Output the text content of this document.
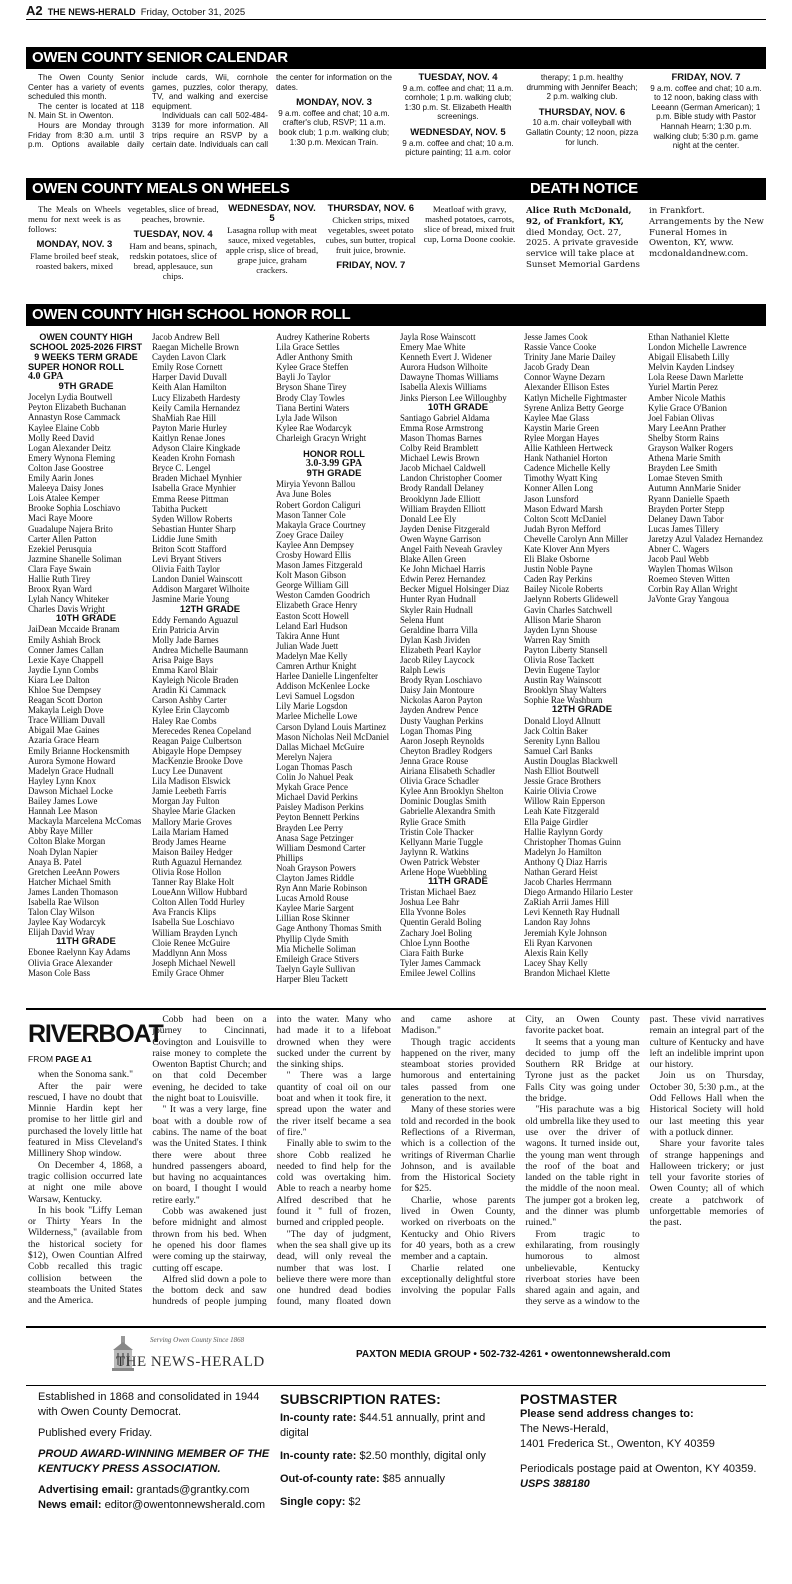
A2 THE NEWS-HERALD Friday, October 31, 2025
OWEN COUNTY SENIOR CALENDAR

The Owen County Senior Center has a variety of events scheduled this month.

The center is located at 118 N. Main St. in Owenton.

Hours are Monday through Friday from 8:30 a.m. until 3 p.m. Options available daily include cards, Wii, cornhole games, puzzles, color therapy, TV, and walking and exercise equipment.

Individuals can call 502-484-3139 for more information. All trips require an RSVP by a certain date. Individuals can call the center for information on the dates.

MONDAY, NOV. 3
9 a.m. coffee and chat; 10 a.m. crafter's club, RSVP; 11 a.m. book club; 1 p.m. walking club; 1:30 p.m. Mexican Train.
TUESDAY, NOV. 4
9 a.m. coffee and chat; 11 a.m. cornhole; 1 p.m. walking club; 1:30 p.m. St. Elizabeth Health screenings.
WEDNESDAY, NOV. 5
9 a.m. coffee and chat; 10 a.m. picture painting; 11 a.m. color therapy; 1 p.m. healthy drumming with Jennifer Beach; 2 p.m. walking club.
THURSDAY, NOV. 6
10 a.m. chair volleyball with Gallatin County; 12 noon, pizza for lunch.
FRIDAY, NOV. 7
9 a.m. coffee and chat; 10 a.m. to 12 noon, baking class with Leeann (German American); 1 p.m. Bible study with Pastor Hannah Hearn; 1:30 p.m. walking club; 5:30 p.m. game night at the center.
OWEN COUNTY MEALS ON WHEELS

The Meals on Wheels menu for next week is as follows:

MONDAY, NOV. 3
Flame broiled beef steak, roasted bakers, mixed vegetables, slice of bread, peaches, brownie.
TUESDAY, NOV. 4
Ham and beans, spinach, redskin potatoes, slice of bread, applesauce, sun chips.
WEDNESDAY, NOV. 5
Lasagna rollup with meat sauce, mixed vegetables, apple crisp, slice of bread, grape juice, graham crackers.
THURSDAY, NOV. 6
Chicken strips, mixed vegetables, sweet potato cubes, sun butter, tropical fruit juice, brownie.
FRIDAY, NOV. 7
Meatloaf with gravy, mashed potatoes, carrots, slice of bread, mixed fruit cup, Lorna Doone cookie.
DEATH NOTICE
Alice Ruth McDonald, 92, of Frankfort, KY, died Monday, Oct. 27, 2025. A private graveside service will take place at Sunset Memorial Gardens in Frankfort. Arrangements by the New Funeral Homes in Owenton, KY, www. mcdonaldandnew.com.
OWEN COUNTY HIGH SCHOOL HONOR ROLL
OWEN COUNTY HIGH SCHOOL 2025-2026 FIRST 9 WEEKS TERM GRADE
SUPER HONOR ROLL
4.0 GPA
9TH GRADE
Jocelyn Lydia Boutwell
Peyton Elizabeth Buchanan
Annastyn Rose Cammack
Kaylee Elaine Cobb
Molly Reed David
Logan Alexander Deitz
Emery Wynona Fleming
Colton Jase Goostree
Emily Aarin Jones
Maleeya Daisy Jones
Lois Atalee Kemper
Brooke Sophia Loschiavo
Maci Raye Moore
Guadalupe Najera Brito
Carter Allen Patton
Ezekiel Perusquia
Jazmine Shanelle Soliman
Clara Faye Swain
Hallie Ruth Tirey
Broox Ryan Ward
Lylah Nancy Whiteker
Charles Davis Wright
10TH GRADE
JaiDean Mccaide Branam
Emily Ashiah Brock
Conner James Callan
Lexie Kaye Chappell
Jaydie Lynn Combs
Kiara Lee Dalton
Khloe Sue Dempsey
Reagan Scott Dorton
Makayla Leigh Dove
Trace William Duvall
Abigail Mae Gaines
Azaria Grace Hearn
Emily Brianne Hockensmith
Aurora Symone Howard
Madelyn Grace Hudnall
Hayley Lynn Knox
Dawson Michael Locke
Bailey James Lowe
Hannah Lee Mason
Mackayla Marcelena McComas
Abby Raye Miller
Colton Blake Morgan
Noah Dylan Napier
Anaya B. Patel
Gretchen LeeAnn Powers
Hatcher Michael Smith
James Landen Thomason
Isabella Rae Wilson
Talon Clay Wilson
Jaylee Kay Wodarcyk
Elijah David Wray
11TH GRADE
Ebonee Raelynn Kay Adams
Olivia Grace Alexander
Mason Cole Bass
Jacob Andrew Bell
Raegan Michelle Brown
Cayden Lavon Clark
Emily Rose Cornett
Harper David Duvall
Keith Alan Hamilton
Lucy Elizabeth Hardesty
Keily Camila Hernandez
ShaMiah Rae Hill
Payton Marie Hurley
Kaitlyn Renae Jones
Adyson Claire Kingkade
Keaden Krohn Fornash
Bryce C. Lengel
Braden Michael Mynhier
Isabella Grace Mynhier
Emma Reese Pittman
Tabitha Puckett
Syden Willow Roberts
Sebastian Hunter Sharp
Liddie June Smith
Briton Scott Stafford
Levi Bryant Stivers
Olivia Faith Taylor
Landon Daniel Wainscott
Addison Margaret Wilhoite
Jasmine Marie Young
12TH GRADE
Eddy Fernando Aguazul
Erin Patricia Arvin
Molly Jade Barnes
Andrea Michelle Baumann
Arisa Paige Bays
Emma Karol Blair
Kayleigh Nicole Braden
Aradin Ki Cammack
Carson Ashby Carter
Kylee Erin Claycomb
Haley Rae Combs
Merecedes Renea Copeland
Reagan Paige Culbertson
Abigayle Hope Dempsey
MacKenzie Brooke Dove
Lucy Lee Dunavent
Lila Madison Elswick
Jamie Leebeth Farris
Morgan Jay Fulton
Shaylee Marie Glacken
Mallory Marie Groves
Laila Mariam Hamed
Brody James Hearne
Maison Bailey Hedger
Ruth Aguazul Hernandez
Olivia Rose Hollon
Tanner Ray Blake Holt
LoueAnn Willow Hubbard
Colton Allen Todd Hurley
Ava Francis Klips
Isabella Sue Loschiavo
William Brayden Lynch
Cloie Renee McGuire
Maddlynn Ann Moss
Joseph Michael Newell
Emily Grace Ohmer
Audrey Katherine Roberts
Lila Grace Settles
Adler Anthony Smith
Kylee Grace Steffen
Bayli Jo Taylor
Bryson Shane Tirey
Brody Clay Towles
Tiana Bertini Waters
Lyla Jade Wilson
Kylee Rae Wodarcyk
Charleigh Gracyn Wright
HONOR ROLL
3.0-3.99 GPA
9TH GRADE
Miryia Yevonn Ballou
Ava June Boles
Robert Gordon Caliguri
Mason Tanner Cole
Makayla Grace Courtney
Zoey Grace Dailey
Kaylee Ann Dempsey
Crosby Howard Ellis
Mason James Fitzgerald
Kolt Mason Gibson
George William Gill
Weston Camden Goodrich
Elizabeth Grace Henry
Easton Scott Howell
Leland Earl Hudson
Takira Anne Hunt
Julian Wade Juett
Madelyn Mae Kelly
Camren Arthur Knight
Harlee Danielle Lingenfelter
Addison McKenlee Locke
Levi Samuel Logsdon
Lily Marie Logsdon
Marlee Michelle Lowe
Carson Dyland Louis Martinez
Mason Nicholas Neil McDaniel
Dallas Michael McGuire
Merelyn Najera
Logan Thomas Pasch
Colin Jo Nahuel Peak
Mykah Grace Pence
Michael David Perkins
Paisley Madison Perkins
Peyton Bennett Perkins
Brayden Lee Perry
Anasa Sage Petzinger
William Desmond Carter Phillips
Noah Grayson Powers
Clayton James Riddle
Ryn Ann Marie Robinson
Lucas Arnold Rouse
Kaylee Marie Sargent
Lillian Rose Skinner
Gage Anthony Thomas Smith
Phyllip Clyde Smith
Mia Michelle Soliman
Emileigh Grace Stivers
Taelyn Gayle Sullivan
Harper Bleu Tackett
Jayla Rose Wainscott
Emery Mae White
Kenneth Evert J. Widener
Aurora Hudson Wilhoite
Dawayne Thomas Williams
Isabella Alexis Williams
Jinks Pierson Lee Willoughby
10TH GRADE
Santiago Gabriel Aldama
Emma Rose Armstrong
Mason Thomas Barnes
Colby Reid Bramblett
Michael Lewis Brown
Jacob Michael Caldwell
Landon Christopher Coomer
Brody Randall Delaney
Brooklynn Jade Elliott
William Brayden Elliott
Donald Lee Ely
Jayden Denise Fitzgerald
Owen Wayne Garrison
Angel Faith Neveah Gravley
Blake Allen Green
Ke John Michael Harris
Edwin Perez Hernandez
Becker Miguel Holsinger Diaz
Hunter Ryan Hudnall
Skyler Rain Hudnall
Selena Hunt
Geraldine Ibarra Villa
Dylan Kash Jividen
Elizabeth Pearl Kaylor
Jacob Riley Laycock
Ralph Lewis
Brody Ryan Loschiavo
Daisy Jain Montoure
Nickolas Aaron Payton
Jayden Andrew Pence
Dusty Vaughan Perkins
Logan Thomas Ping
Aaron Joseph Reynolds
Cheyton Bradley Rodgers
Jenna Grace Rouse
Airiana Elisabeth Schadler
Olivia Grace Schadler
Kylee Ann Brooklyn Shelton
Dominic Douglas Smith
Gabrielle Alexandra Smith
Rylie Grace Smith
Tristin Cole Thacker
Kellyann Marie Tuggle
Jaylynn R. Watkins
Owen Patrick Webster
Arlene Hope Wuebbling
11TH GRADE
Tristan Michael Baez
Joshua Lee Bahr
Ella Yvonne Boles
Quentin Gerald Boling
Zachary Joel Boling
Chloe Lynn Boothe
Ciara Faith Burke
Tyler James Cammack
Emilee Jewel Collins
Jesse James Cook
Rassie Vance Cooke
Trinity Jane Marie Dailey
Jacob Grady Dean
Connor Wayne Dezarn
Alexander Ellison Estes
Katlyn Michelle Fightmaster
Syrene Anliza Betty George
Kaylee Mae Glass
Kaystin Marie Green
Rylee Morgan Hayes
Allie Kathleen Hertweck
Hank Nathaniel Horton
Cadence Michelle Kelly
Timothy Wyatt King
Konner Allen Long
Jason Lunsford
Mason Edward Marsh
Colton Scott McDaniel
Judah Byron Mefford
Chevelle Carolyn Ann Miller
Kate Klover Ann Myers
Eli Blake Osborne
Justin Noble Payne
Caden Ray Perkins
Bailey Nicole Roberts
Jaelynn Roberts Glidewell
Gavin Charles Satchwell
Allison Marie Sharon
Jayden Lynn Shouse
Warren Ray Smith
Payton Liberty Stansell
Olivia Rose Tackett
Devin Eugene Taylor
Austin Ray Wainscott
Brooklyn Shay Walters
Sophie Rae Washburn
12TH GRADE
Donald Lloyd Allnutt
Jack Coltin Baker
Serenity Lynn Ballou
Samuel Carl Banks
Austin Douglas Blackwell
Nash Elliot Boutwell
Jessie Grace Brothers
Kairie Olivia Crowe
Willow Rain Epperson
Leah Kate Fitzgerald
Ella Paige Girdler
Hallie Raylynn Gordy
Christopher Thomas Guinn
Madelyn Jo Hamilton
Anthony Q Diaz Harris
Nathan Gerard Heist
Jacob Charles Herrmann
Diego Armando Hilario Lester
ZaRiah Arrii James Hill
Levi Kenneth Ray Hudnall
Landon Ray Johns
Jeremiah Kyle Johnson
Eli Ryan Karvonen
Alexis Rain Kelly
Lacey Shay Kelly
Brandon Michael Klette
Ethan Nathaniel Klette
London Michelle Lawrence
Abigail Elisabeth Lilly
Melvin Kayden Lindsey
Lola Reese Dawn Marlette
Yuriel Martin Perez
Amber Nicole Mathis
Kylie Grace O'Banion
Joel Fabian Olivas
Mary LeeAnn Prather
Shelby Storm Rains
Grayson Walker Rogers
Athena Marie Smith
Brayden Lee Smith
Lomae Steven Smith
Autumn AnnMarie Snider
Ryann Danielle Spaeth
Brayden Porter Stepp
Delaney Dawn Tabor
Lucas James Tillery
Jaretzy Azul Valadez Hernandez
Abner C. Wagers
Jacob Paul Webb
Waylen Thomas Wilson
Roemeo Steven Witten
Corbin Ray Allan Wright
JaVonte Gray Yangoua
RIVERBOAT
FROM PAGE A1

when the Sonoma sank."

After the pair were rescued, I have no doubt that Minnie Hardin kept her promise to her little girl and purchased the lovely little hat featured in Miss Cleveland's Millinery Shop window.

On December 4, 1868, a tragic collision occurred late at night one mile above Warsaw, Kentucky.

In his book "Liffy Leman or Thirty Years In the Wilderness," (available from the historical society for $12), Owen Countian Alfred Cobb recalled this tragic collision between the steamboats the United States and the America.

Cobb had been on a journey to Cincinnati, Covington and Louisville to raise money to complete the Owenton Baptist Church; and on that cold December evening, he decided to take the night boat to Louisville.

" It was a very large, fine boat with a double row of cabins. The name of the boat was the United States. I think there were about three hundred passengers aboard, but having no acquaintances on board, I thought I would retire early."

Cobb was awakened just before midnight and almost thrown from his bed. When he opened his door flames were coming up the stairway, cutting off escape.

Alfred slid down a pole to the bottom deck and saw hundreds of people jumping into the water. Many who had made it to a lifeboat drowned when they were sucked under the current by the sinking ships.

" There was a large quantity of coal oil on our boat and when it took fire, it spread upon the water and the river itself became a sea of fire."

Finally able to swim to the shore Cobb realized he needed to find help for the cold was overtaking him. Able to reach a nearby home Alfred described that he found it " full of frozen, burned and crippled people.

"The day of judgment, when the sea shall give up its dead, will only reveal the number that was lost. I believe there were more than one hundred dead bodies found, many floated down and came ashore at Madison."

Though tragic accidents happened on the river, many steamboat stories provided humorous and entertaining tales passed from one generation to the next.

Many of these stories were told and recorded in the book Reflections of a Riverman, which is a collection of the writings of Riverman Charlie Johnson, and is available from the Historical Society for $25.

Charlie, whose parents lived in Owen County, worked on riverboats on the Kentucky and Ohio Rivers for 40 years, both as a crew member and a captain.

Charlie related one exceptionally delightful store involving the popular Falls City, an Owen County favorite packet boat.

It seems that a young man decided to jump off the Southern RR Bridge at Tyrone just as the packet Falls City was going under the bridge.

"His parachute was a big old umbrella like they used to use over the driver of wagons. It turned inside out, the young man went through the roof of the boat and landed on the table right in the middle of the noon meal. The jumper got a broken leg, and the dinner was plumb ruined."

From tragic to exhilarating, from rousingly humorous to almost unbelievable, Kentucky riverboat stories have been shared again and again, and they serve as a window to the past. These vivid narratives remain an integral part of the culture of Kentucky and have left an indelible imprint upon our history.

Join us on Thursday, October 30, 5:30 p.m., at the Odd Fellows Hall when the Historical Society will hold our last meeting this year with a potluck dinner.

Share your favorite tales of strange happenings and Halloween trickery; or just tell your favorite stories of Owen County; all of which create a patchwork of unforgettable memories of the past.

Serving Owen County Since 1868
THE NEWS-HERALD	PAXTON MEDIA GROUP • 502-732-4261 • owentonnewsherald.com
Established in 1868 and consolidated in 1944 with Owen County Democrat.
Published every Friday.
PROUD AWARD-WINNING MEMBER OF THE KENTUCKY PRESS ASSOCIATION.
Advertising email: grantads@grantky.com
News email: editor@owentonnewsherald.com
SUBSCRIPTION RATES:
In-county rate: $44.51 annually, print and digital
In-county rate: $2.50 monthly, digital only
Out-of-county rate: $85 annually
Single copy: $2
POSTMASTER
Please send address changes to:
The News-Herald,
1401 Frederica St., Owenton, KY 40359
Periodicals postage paid at Owenton, KY 40359.
USPS 388180
